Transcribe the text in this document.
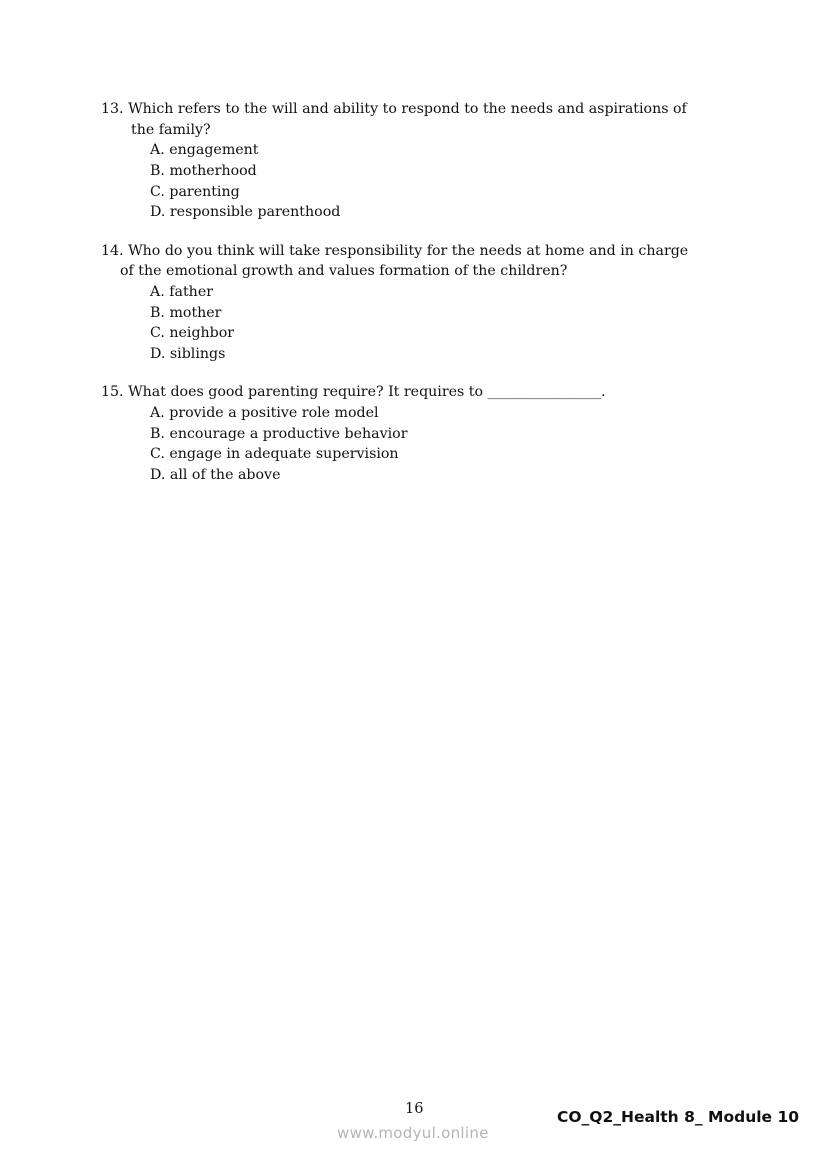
13. Which refers to the will and ability to respond to the needs and aspirations of
the family?
A. engagement
B. motherhood
C. parenting
D. responsible parenthood
14. Who do you think will take responsibility for the needs at home and in charge
of the emotional growth and values formation of the children?
A. father
B. mother
C. neighbor
D. siblings
15. What does good parenting require? It requires to ________________.
A. provide a positive role model
B. encourage a productive behavior
C. engage in adequate supervision
D. all of the above
16
www.modyul.online
CO_Q2_Health 8_ Module 10
